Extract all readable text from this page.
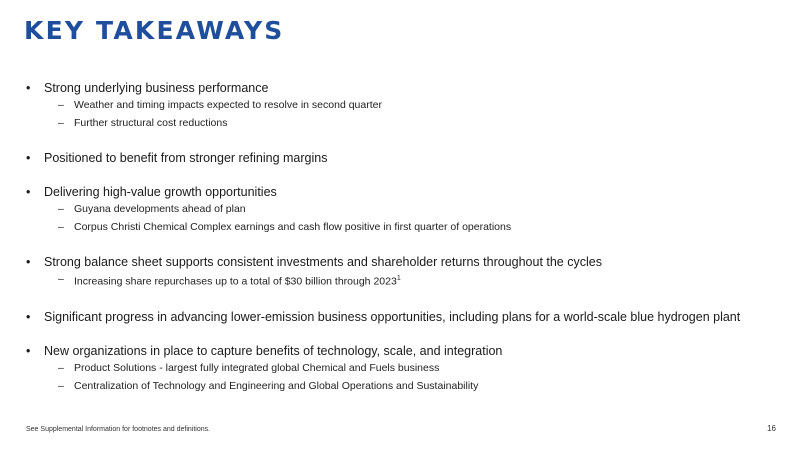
KEY TAKEAWAYS
• Strong underlying business performance
– Weather and timing impacts expected to resolve in second quarter
– Further structural cost reductions
• Positioned to benefit from stronger refining margins
• Delivering high-value growth opportunities
– Guyana developments ahead of plan
– Corpus Christi Chemical Complex earnings and cash flow positive in first quarter of operations
• Strong balance sheet supports consistent investments and shareholder returns throughout the cycles
– Increasing share repurchases up to a total of $30 billion through 2023$^1$
• Significant progress in advancing lower-emission business opportunities, including plans for a world-scale blue hydrogen plant
• New organizations in place to capture benefits of technology, scale, and integration
– Product Solutions - largest fully integrated global Chemical and Fuels business
– Centralization of Technology and Engineering and Global Operations and Sustainability
See Supplemental Information for footnotes and definitions.	16
